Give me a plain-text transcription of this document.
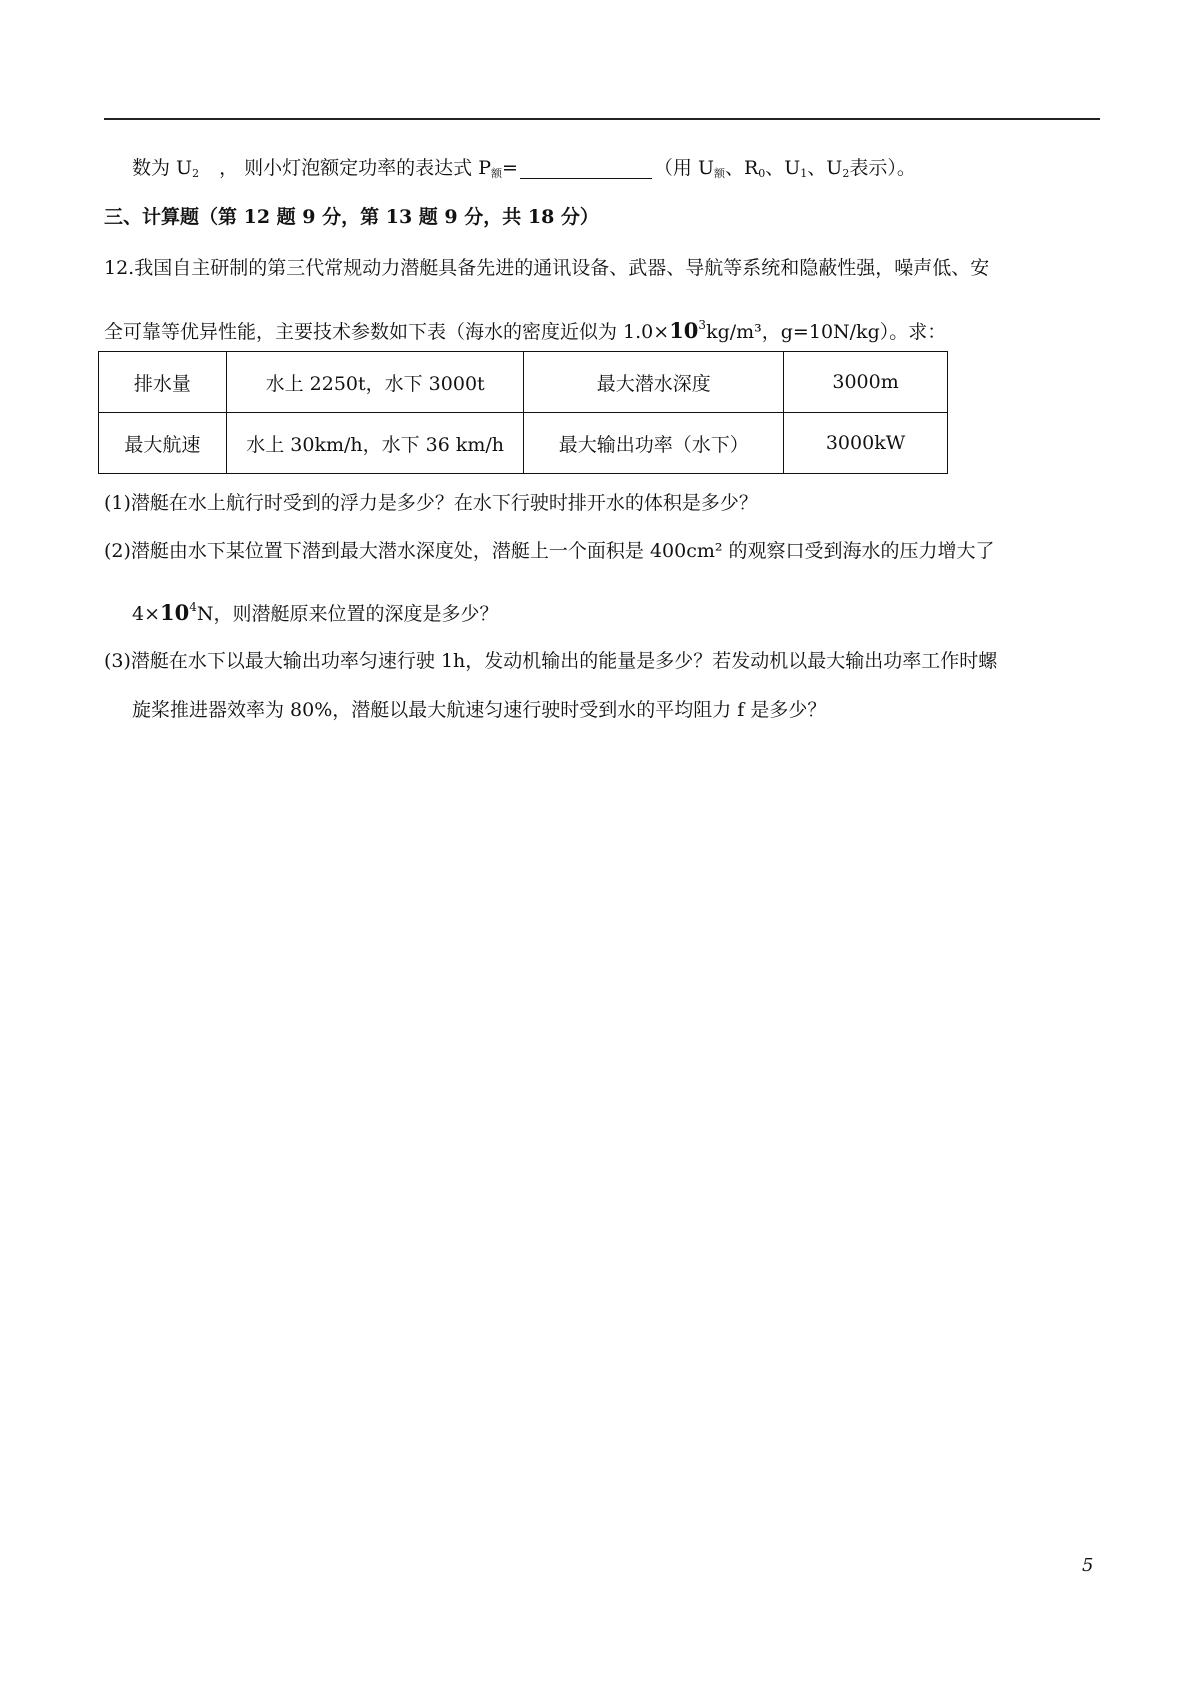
数为 $U_2$ ， 则小灯泡额定功率的表达式 $P_额=$	（用 $U_额$、$R_0$、$U_1$、$U_2$表示）。
三、计算题（第 12 题 9 分，第 13 题 9 分，共 18 分）
12.我国自主研制的第三代常规动力潜艇具备先进的通讯设备、武器、导航等系统和隐蔽性强，噪声低、安
全可靠等优异性能，主要技术参数如下表（海水的密度近似为 $1.0\times 10^3kg/m^3$，g=10N/kg）。求：
排水量	水上 2250t，水下 3000t	最大潜水深度	3000m
最大航速	水上 30km/h，水下 36 km/h	最大输出功率（水下）	3000kW
(1)潜艇在水上航行时受到的浮力是多少？在水下行驶时排开水的体积是多少？
(2)潜艇由水下某位置下潜到最大潜水深度处，潜艇上一个面积是 400cm² 的观察口受到海水的压力增大了
$4\times 10^4N$，则潜艇原来位置的深度是多少？
(3)潜艇在水下以最大输出功率匀速行驶 1h，发动机输出的能量是多少？若发动机以最大输出功率工作时螺
旋桨推进器效率为 80%，潜艇以最大航速匀速行驶时受到水的平均阻力 f 是多少？
5
